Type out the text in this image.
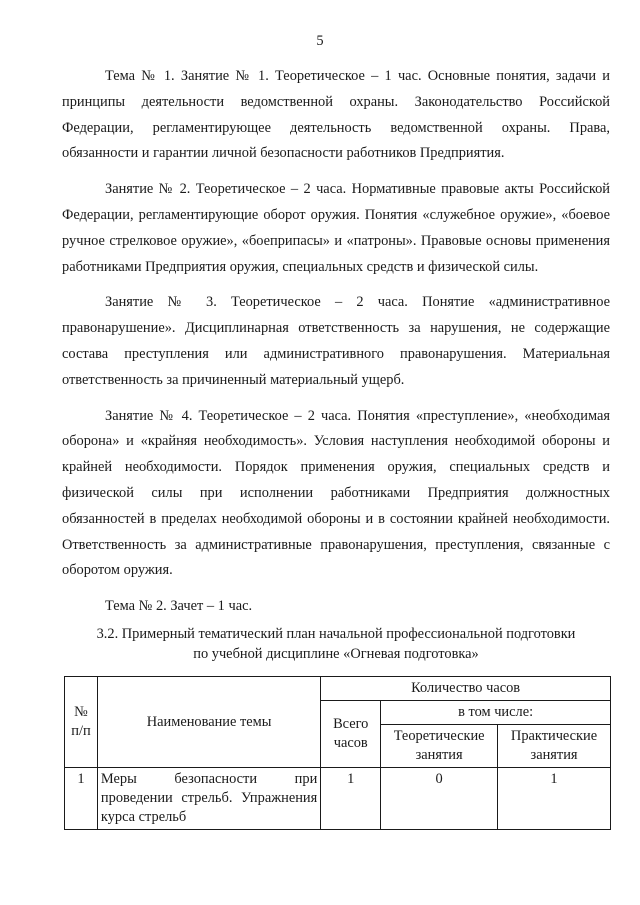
5

Тема № 1. Занятие № 1. Теоретическое – 1 час. Основные понятия, задачи и принципы деятельности ведомственной охраны. Законодательство Российской Федерации, регламентирующее деятельность ведомственной охраны. Права, обязанности и гарантии личной безопасности работников Предприятия.

Занятие № 2. Теоретическое – 2 часа. Нормативные правовые акты Российской Федерации, регламентирующие оборот оружия. Понятия «служебное оружие», «боевое ручное стрелковое оружие», «боеприпасы» и «патроны». Правовые основы применения работниками Предприятия оружия, специальных средств и физической силы.

Занятие № 3. Теоретическое – 2 часа. Понятие «административное правонарушение». Дисциплинарная ответственность за нарушения, не содержащие состава преступления или административного правонарушения. Материальная ответственность за причиненный материальный ущерб.

Занятие № 4. Теоретическое – 2 часа. Понятия «преступление», «необходимая оборона» и «крайняя необходимость». Условия наступления необходимой обороны и крайней необходимости. Порядок применения оружия, специальных средств и физической силы при исполнении работниками Предприятия должностных обязанностей в пределах необходимой обороны и в состоянии крайней необходимости. Ответственность за административные правонарушения, преступления, связанные с оборотом оружия.

Тема № 2. Зачет – 1 час.

3.2. Примерный тематический план начальной профессиональной подготовки
по учебной дисциплине «Огневая подготовка»

№ п/п	Наименование темы	Количество часов		
		Всего часов	в том числе:	
			Теоретические занятия	Практические занятия
1	Меры безопасности при проведении стрельб. Упражнения курса стрельб	1	0	1
